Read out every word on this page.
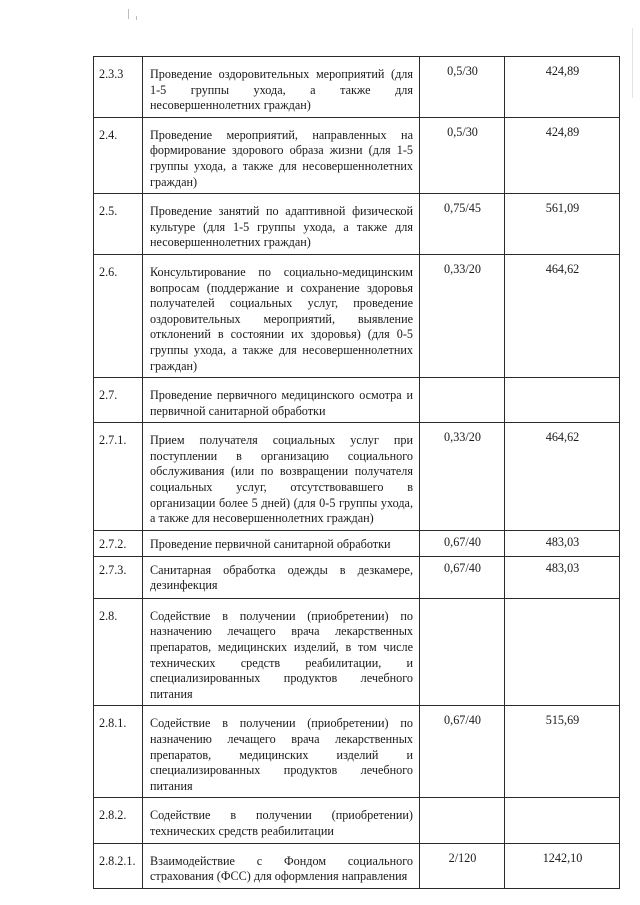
2.3.3	Проведение оздоровительных мероприятий (для 1-5 группы ухода, а также для несовершеннолетних граждан)	0,5/30	424,89
2.4.	Проведение мероприятий, направленных на формирование здорового образа жизни (для 1-5 группы ухода, а также для несовершеннолетних граждан)	0,5/30	424,89
2.5.	Проведение занятий по адаптивной физической культуре (для 1-5 группы ухода, а также для несовершеннолетних граждан)	0,75/45	561,09
2.6.	Консультирование по социально-медицинским вопросам (поддержание и сохранение здоровья получателей социальных услуг, проведение оздоровительных мероприятий, выявление отклонений в состоянии их здоровья) (для 0-5 группы ухода, а также для несовершеннолетних граждан)	0,33/20	464,62
2.7.	Проведение первичного медицинского осмотра и первичной санитарной обработки		
2.7.1.	Прием получателя социальных услуг при поступлении в организацию социального обслуживания (или по возвращении получателя социальных услуг, отсутствовавшего в организации более 5 дней) (для 0-5 группы ухода, а также для несовершеннолетних граждан)	0,33/20	464,62
2.7.2.	Проведение первичной санитарной обработки	0,67/40	483,03
2.7.3.	Санитарная обработка одежды в дезкамере, дезинфекция	0,67/40	483,03
2.8.	Содействие в получении (приобретении) по назначению лечащего врача лекарственных препаратов, медицинских изделий, в том числе технических средств реабилитации, и специализированных продуктов лечебного питания		
2.8.1.	Содействие в получении (приобретении) по назначению лечащего врача лекарственных препаратов, медицинских изделий и специализированных продуктов лечебного питания	0,67/40	515,69
2.8.2.	Содействие в получении (приобретении) технических средств реабилитации		
2.8.2.1.	Взаимодействие с Фондом социального страхования (ФСС) для оформления направления	2/120	1242,10
